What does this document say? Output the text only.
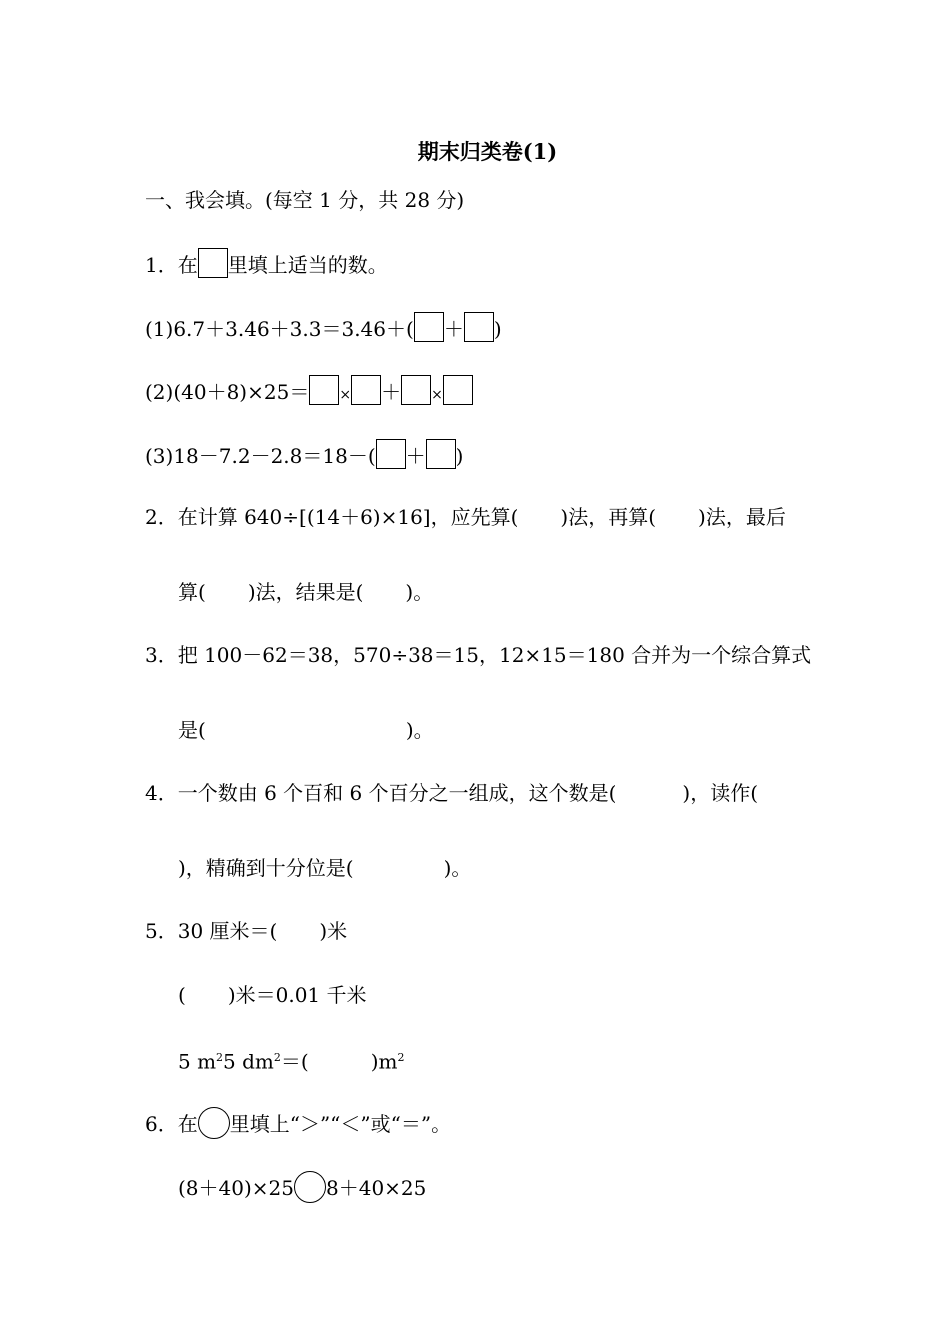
期末归类卷(1)
一、我会填。(每空 1 分，共 28 分)
1．在 里填上适当的数。
(1)6.7＋3.46＋3.3＝3.46＋( ＋ )
(2)(40＋8)×25＝ × ＋ ×
(3)18－7.2－2.8＝18－( ＋ )
2．在计算 640÷[(14＋6)×16]，应先算( )法，再算( )法，最后
算( )法，结果是( )。
3．把 100－62＝38，570÷38＝15，12×15＝180 合并为一个综合算式
是(	)。
4．一个数由 6 个百和 6 个百分之一组成，这个数是(	)，读作(
)，精确到十分位是(	)。
5．30 厘米＝( )米
( )米＝0.01 千米
5 $m^25$ $dm^2=$(	)$m^2$
6．在 里填上“＞”“＜”或“＝”。
(8＋40)×25 8＋40×25
